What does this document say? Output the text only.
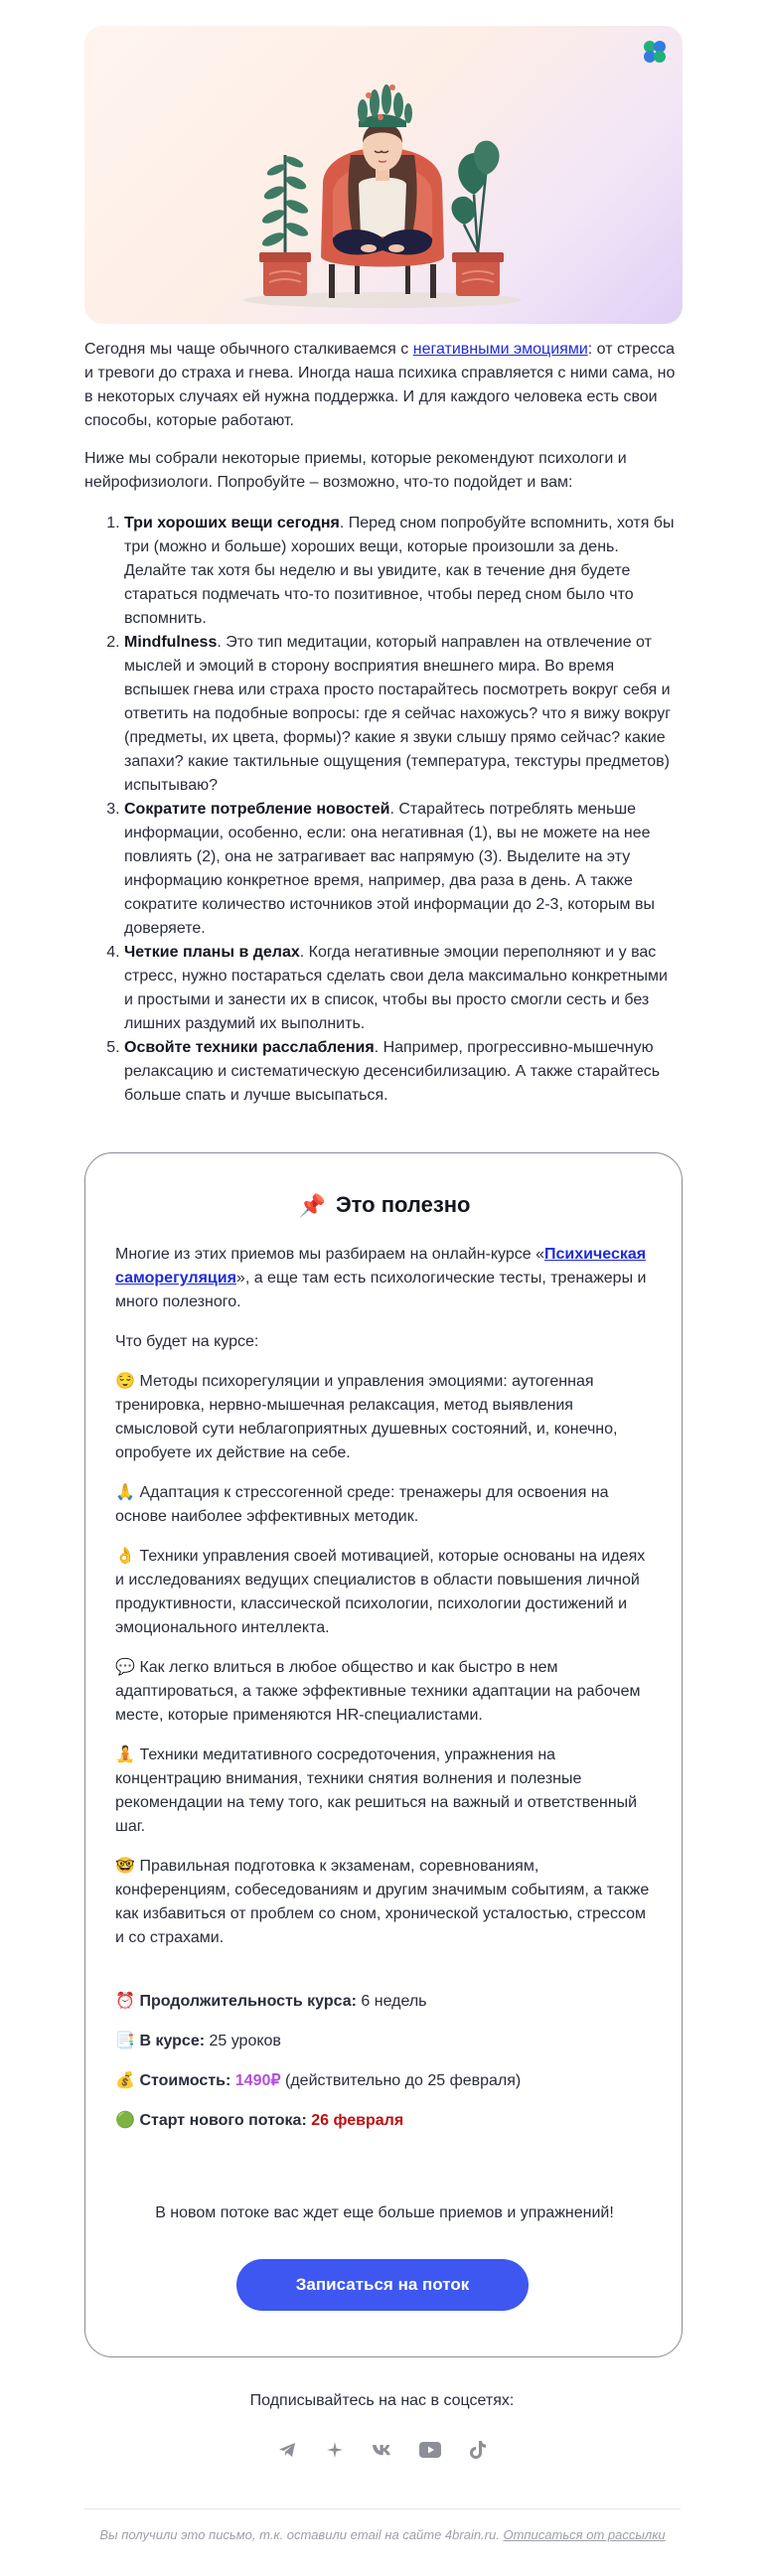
Сегодня мы чаще обычного сталкиваемся с негативными эмоциями: от стресса и тревоги до страха и гнева. Иногда наша психика справляется с ними сама, но в некоторых случаях ей нужна поддержка. И для каждого человека есть свои способы, которые работают.

Ниже мы собрали некоторые приемы, которые рекомендуют психологи и нейрофизиологи. Попробуйте – возможно, что-то подойдет и вам:

1. Три хороших вещи сегодня. Перед сном попробуйте вспомнить, хотя бы три (можно и больше) хороших вещи, которые произошли за день. Делайте так хотя бы неделю и вы увидите, как в течение дня будете стараться подмечать что-то позитивное, чтобы перед сном было что вспомнить.
2. Mindfulness. Это тип медитации, который направлен на отвлечение от мыслей и эмоций в сторону восприятия внешнего мира. Во время вспышек гнева или страха просто постарайтесь посмотреть вокруг себя и ответить на подобные вопросы: где я сейчас нахожусь? что я вижу вокруг (предметы, их цвета, формы)? какие я звуки слышу прямо сейчас? какие запахи? какие тактильные ощущения (температура, текстуры предметов) испытываю?
3. Сократите потребление новостей. Старайтесь потреблять меньше информации, особенно, если: она негативная (1), вы не можете на нее повлиять (2), она не затрагивает вас напрямую (3). Выделите на эту информацию конкретное время, например, два раза в день. А также сократите количество источников этой информации до 2-3, которым вы доверяете.
4. Четкие планы в делах. Когда негативные эмоции переполняют и у вас стресс, нужно постараться сделать свои дела максимально конкретными и простыми и занести их в список, чтобы вы просто смогли сесть и без лишних раздумий их выполнить.
5. Освойте техники расслабления. Например, прогрессивно-мышечную релаксацию и систематическую десенсибилизацию. А также старайтесь больше спать и лучше высыпаться.
📌 Это полезно

Многие из этих приемов мы разбираем на онлайн-курсе «Психическая саморегуляция», а еще там есть психологические тесты, тренажеры и много полезного.

Что будет на курсе:

😌 Методы психорегуляции и управления эмоциями: аутогенная тренировка, нервно-мышечная релаксация, метод выявления смысловой сути неблагоприятных душевных состояний, и, конечно, опробуете их действие на себе.

🙏 Адаптация к стрессогенной среде: тренажеры для освоения на основе наиболее эффективных методик.

👌 Техники управления своей мотивацией, которые основаны на идеях и исследованиях ведущих специалистов в области повышения личной продуктивности, классической психологии, психологии достижений и эмоционального интеллекта.

💬 Как легко влиться в любое общество и как быстро в нем адаптироваться, а также эффективные техники адаптации на рабочем месте, которые применяются HR-специалистами.

🧘 Техники медитативного сосредоточения, упражнения на концентрацию внимания, техники снятия волнения и полезные рекомендации на тему того, как решиться на важный и ответственный шаг.

🤓 Правильная подготовка к экзаменам, соревнованиям, конференциям, собеседованиям и другим значимым событиям, а также как избавиться от проблем со сном, хронической усталостью, стрессом и со страхами.

⏰ Продолжительность курса: 6 недель

📑 В курсе: 25 уроков

💰 Стоимость: 1490₽ (действительно до 25 февраля)

🟢 Старт нового потока: 26 февраля

В новом потоке вас ждет еще больше приемов и упражнений!
Записаться на поток
Подписывайтесь на нас в соцсетях:
Вы получили это письмо, т.к. оставили email на сайте 4brain.ru. Отписаться от рассылки
